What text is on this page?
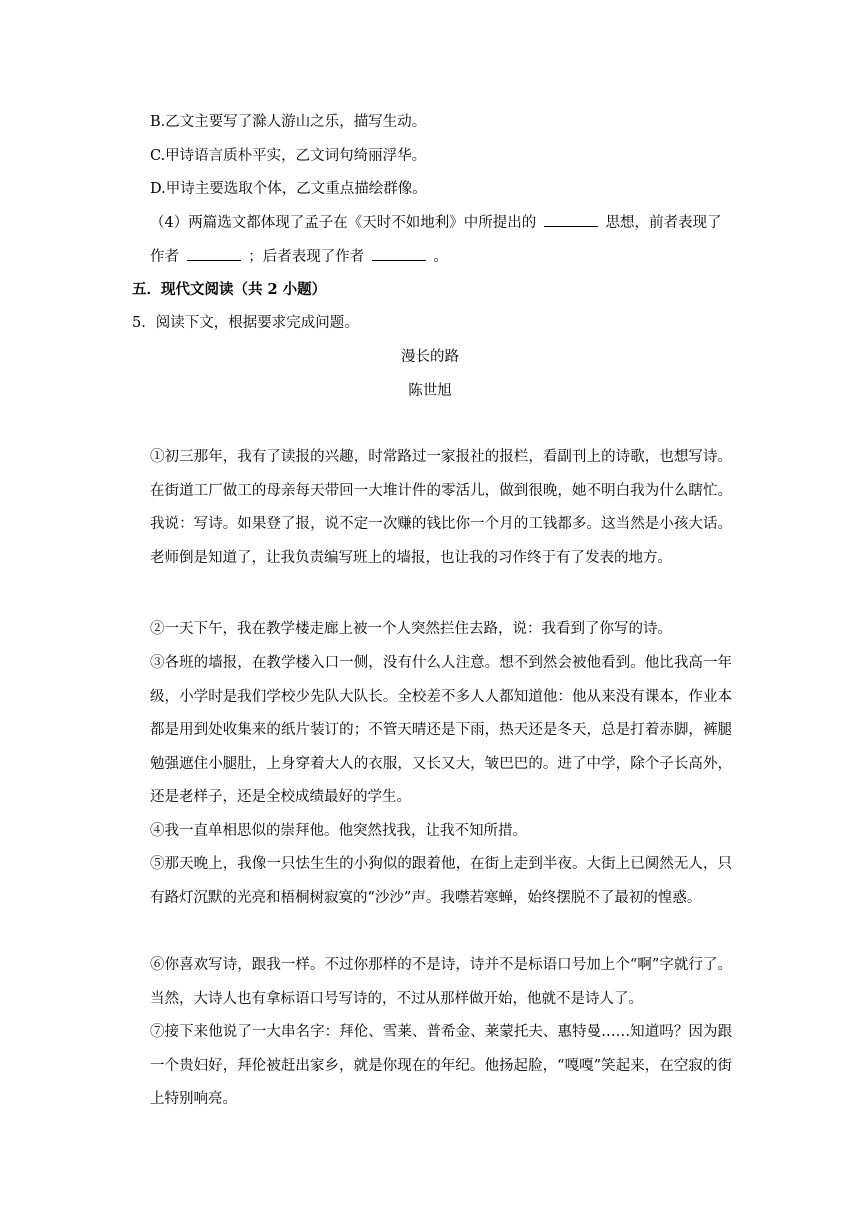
B.乙文主要写了滁人游山之乐，描写生动。
C.甲诗语言质朴平实，乙文词句绮丽浮华。
D.甲诗主要选取个体，乙文重点描绘群像。
（4）两篇选文都体现了孟子在《天时不如地利》中所提出的	思想，前者表现了
作者	；后者表现了作者	。
五．现代文阅读（共 2 小题）
5．阅读下文，根据要求完成问题。
漫长的路
陈世旭
①初三那年，我有了读报的兴趣，时常路过一家报社的报栏，看副刊上的诗歌，也想写诗。在街道工厂做工的母亲每天带回一大堆计件的零活儿，做到很晚，她不明白我为什么瞎忙。我说：写诗。如果登了报，说不定一次赚的钱比你一个月的工钱都多。这当然是小孩大话。老师倒是知道了，让我负责编写班上的墙报，也让我的习作终于有了发表的地方。
②一天下午，我在教学楼走廊上被一个人突然拦住去路，说：我看到了你写的诗。
③各班的墙报，在教学楼入口一侧，没有什么人注意。想不到然会被他看到。他比我高一年级，小学时是我们学校少先队大队长。全校差不多人人都知道他：他从来没有课本，作业本都是用到处收集来的纸片装订的；不管天晴还是下雨，热天还是冬天，总是打着赤脚，裤腿勉强遮住小腿肚，上身穿着大人的衣服，又长又大，皱巴巴的。进了中学，除个子长高外，还是老样子，还是全校成绩最好的学生。
④我一直单相思似的崇拜他。他突然找我，让我不知所措。
⑤那天晚上，我像一只怯生生的小狗似的跟着他，在街上走到半夜。大街上已阒然无人，只有路灯沉默的光亮和梧桐树寂寞的“沙沙”声。我噤若寒蝉，始终摆脱不了最初的惶惑。
⑥你喜欢写诗，跟我一样。不过你那样的不是诗，诗并不是标语口号加上个“啊”字就行了。当然，大诗人也有拿标语口号写诗的，不过从那样做开始，他就不是诗人了。
⑦接下来他说了一大串名字：拜伦、雪莱、普希金、莱蒙托夫、惠特曼……知道吗？因为跟一个贵妇好，拜伦被赶出家乡，就是你现在的年纪。他扬起脸，“嘎嘎”笑起来，在空寂的街上特别响亮。
